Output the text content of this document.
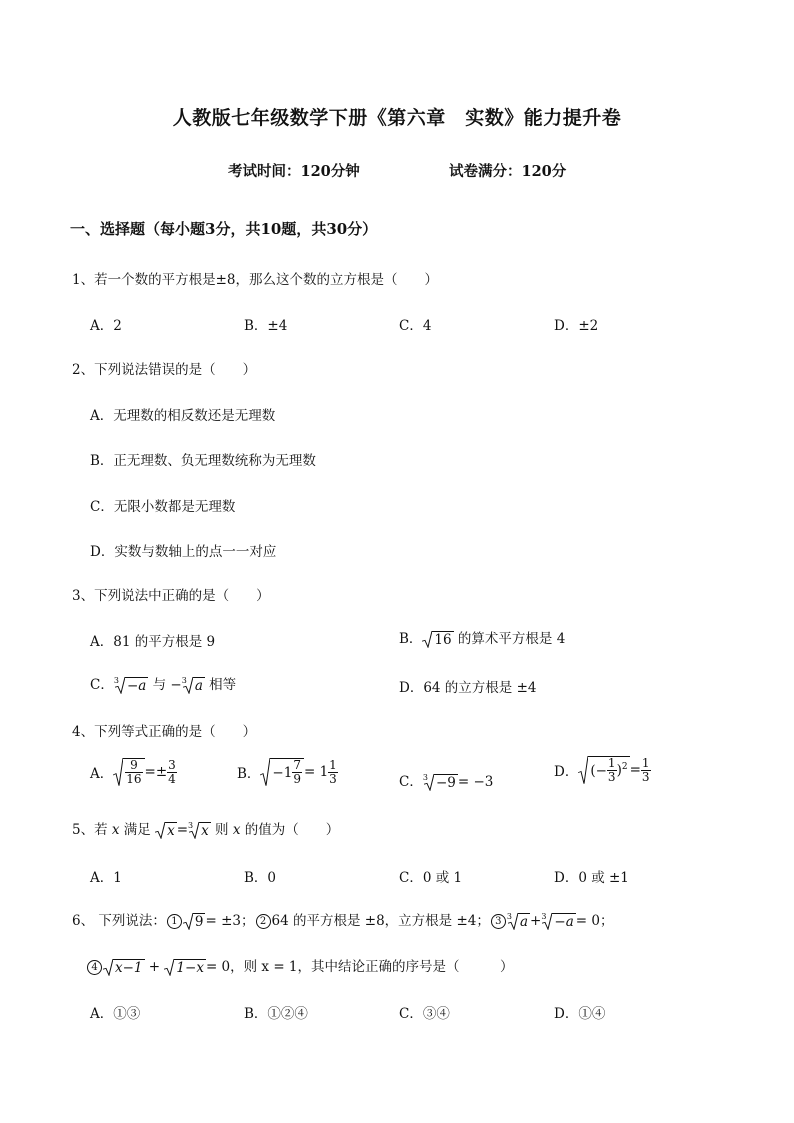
人教版七年级数学下册《第六章　实数》能力提升卷
考试时间：120分钟	试卷满分：120分
一、选择题（每小题3分，共10题，共30分）
1、若一个数的平方根是±8，那么这个数的立方根是（　　）
A．2	B．±4	C．4	D．±2
2、下列说法错误的是（　　）
A．无理数的相反数还是无理数
B．正无理数、负无理数统称为无理数
C．无限小数都是无理数
D．实数与数轴上的点一一对应
3、下列说法中正确的是（　　）
A．81 的平方根是 9	B． 16 的算术平方根是 4
C． 3 −a 与 − 3 a 相等	D．64 的立方根是 ±4
4、下列等式正确的是（　　）
A． $\frac{9}{16} =\pm \frac{3}{4}$	B． $-1 \frac{7}{9} = 1 \frac{1}{3}$	C． 3 −9 = −3
D． (− $\frac{1}{3} )^2 = \frac{1}{3}$
5、若 x 满足 x = 3 x 则 x 的值为（　　）
A．1	B．0	C．0 或 1	D．0 或 ±1
6、 下列说法： 1 9 = ±3； 2 64 的平方根是 ±8，立方根是 ±4； 3 3 a + 3 −a = 0；
4 x−1 + 1−x = 0，则 x = 1，其中结论正确的序号是（　　　）
A．①③	B．①②④	C．③④	D．①④
